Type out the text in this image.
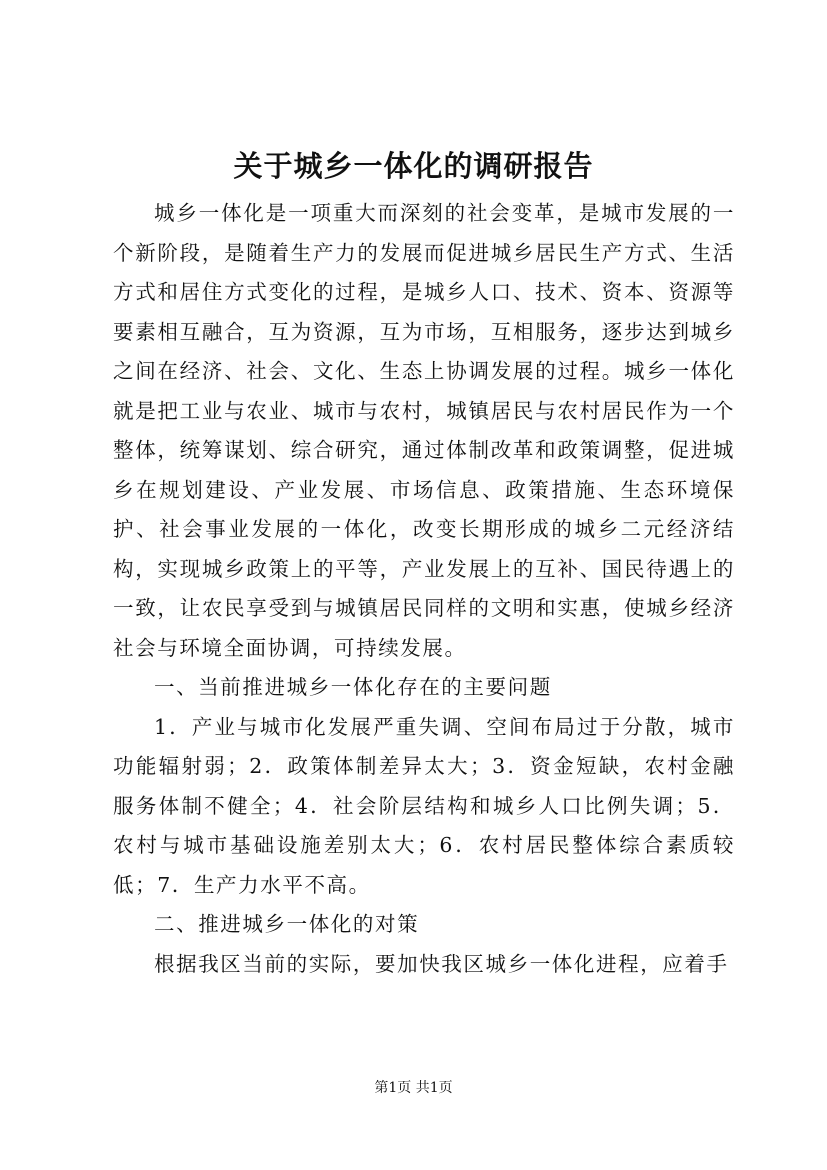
关于城乡一体化的调研报告

城乡一体化是一项重大而深刻的社会变革，是城市发展的一个新阶段，是随着生产力的发展而促进城乡居民生产方式、生活方式和居住方式变化的过程，是城乡人口、技术、资本、资源等要素相互融合，互为资源，互为市场，互相服务，逐步达到城乡之间在经济、社会、文化、生态上协调发展的过程。城乡一体化就是把工业与农业、城市与农村，城镇居民与农村居民作为一个整体，统筹谋划、综合研究，通过体制改革和政策调整，促进城乡在规划建设、产业发展、市场信息、政策措施、生态环境保护、社会事业发展的一体化，改变长期形成的城乡二元经济结构，实现城乡政策上的平等，产业发展上的互补、国民待遇上的一致，让农民享受到与城镇居民同样的文明和实惠，使城乡经济社会与环境全面协调，可持续发展。

一、当前推进城乡一体化存在的主要问题

1．产业与城市化发展严重失调、空间布局过于分散，城市功能辐射弱；2．政策体制差异太大；3．资金短缺，农村金融服务体制不健全；4．社会阶层结构和城乡人口比例失调；5．农村与城市基础设施差别太大；6．农村居民整体综合素质较低；7．生产力水平不高。

二、推进城乡一体化的对策

根据我区当前的实际，要加快我区城乡一体化进程，应着手

第1页 共1页
